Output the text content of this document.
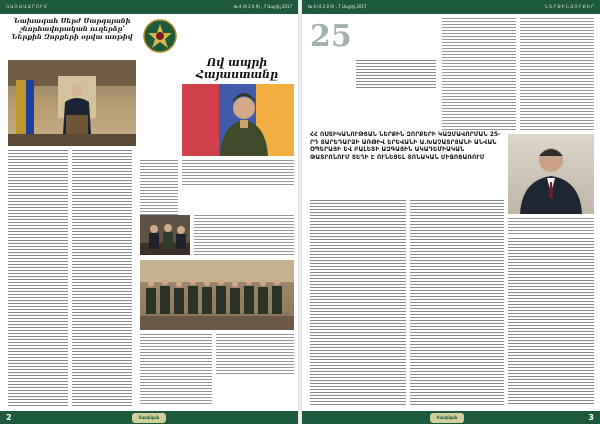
Կ Ա Ռ Ա Վ Ա Ր Ո Ւ Մ	№ 4 (4 2 0 9) , 7 Ապրիլ 2017
Նախագահ Սերժ Սարգսյանի շնորհավորական ուղերձը՝ Ներքին Զորքերի օրվա առթիվ
Ով ապրի Հայաստանը
2	Ոստիկան
№ 4 (4 2 0 9) , 7 Ապրիլ 2017	Ն Ե Ր Ք Ի Ն Զ Ո Ր Ք Ե Ր
25
ՀՀ ՈՍՏԻԿԱՆՈՒԹՅԱՆ ՆԵՐՔԻՆ ԶՈՐՔԵՐԻ ԿԱԶՄԱՎՈՐՄԱՆ 25-ՐԴ ՏԱՐԵԴԱՐՁԻ ԱՌԹԻՎ ԵՐԵՎԱՆԻ Ա.ԽԱՉԱՏՐՅԱՆԻ ԱՆՎԱՆ ՕՊԵՐԱՅԻ ԵՎ ԲԱԼԵՏԻ ԱԶԳԱՅԻՆ ԱԿԱԴԵՄԻԱԿԱՆ ԹԱՏՐՈՆՈՒՄ ՏԵՂԻ Է ՈՒՆԵՑԵԼ ՏՈՆԱԿԱՆ ՄԻՋՈՑԱՌՈՒՄ
Ոստիկան	3
